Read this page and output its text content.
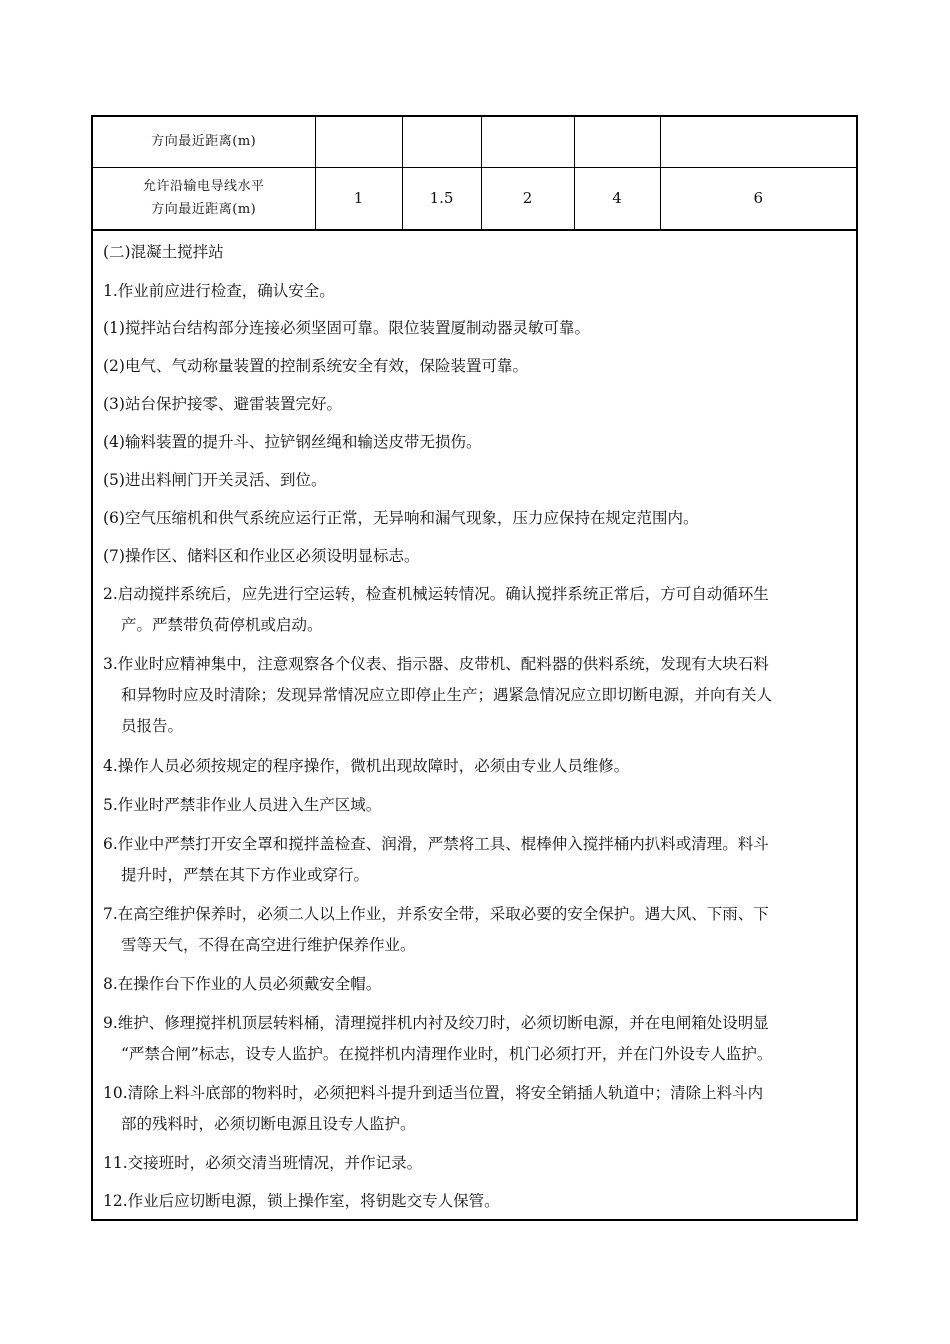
方向最近距离(m)					

允许沿输电导线水平
方向最近距离(m)	1	1.5	2	4	6
(二)混凝土搅拌站
1.作业前应进行检查，确认安全。
(1)搅拌站台结构部分连接必须坚固可靠。限位装置厦制动器灵敏可靠。
(2)电气、气动称量装置的控制系统安全有效，保险装置可靠。
(3)站台保护接零、避雷装置完好。
(4)输料装置的提升斗、拉铲钢丝绳和输送皮带无损伤。
(5)进出料闸门开关灵活、到位。
(6)空气压缩机和供气系统应运行正常，无异响和漏气现象，压力应保持在规定范围内。
(7)操作区、储料区和作业区必须设明显标志。
2.启动搅拌系统后，应先进行空运转，检查机械运转情况。确认搅拌系统正常后，方可自动循环生
产。严禁带负荷停机或启动。
3.作业时应精神集中，注意观察各个仪表、指示器、皮带机、配料器的供料系统，发现有大块石料
和异物时应及时清除；发现异常情况应立即停止生产；遇紧急情况应立即切断电源，并向有关人
员报告。
4.操作人员必须按规定的程序操作，微机出现故障时，必须由专业人员维修。
5.作业时严禁非作业人员进入生产区域。
6.作业中严禁打开安全罩和搅拌盖检查、润滑，严禁将工具、棍棒伸入搅拌桶内扒料或清理。料斗
提升时，严禁在其下方作业或穿行。
7.在高空维护保养时，必须二人以上作业，并系安全带，采取必要的安全保护。遇大风、下雨、下
雪等天气，不得在高空进行维护保养作业。
8.在操作台下作业的人员必须戴安全帽。
9.维护、修理搅拌机顶层转料桶，清理搅拌机内衬及绞刀时，必须切断电源，并在电闸箱处设明显
“严禁合闸”标志，设专人监护。在搅拌机内清理作业时，机门必须打开，并在门外设专人监护。
10.清除上料斗底部的物料时，必须把料斗提升到适当位置，将安全销插人轨道中；清除上料斗内
部的残料时，必须切断电源且设专人监护。
11.交接班时，必须交清当班情况，并作记录。
12.作业后应切断电源，锁上操作室，将钥匙交专人保管。
